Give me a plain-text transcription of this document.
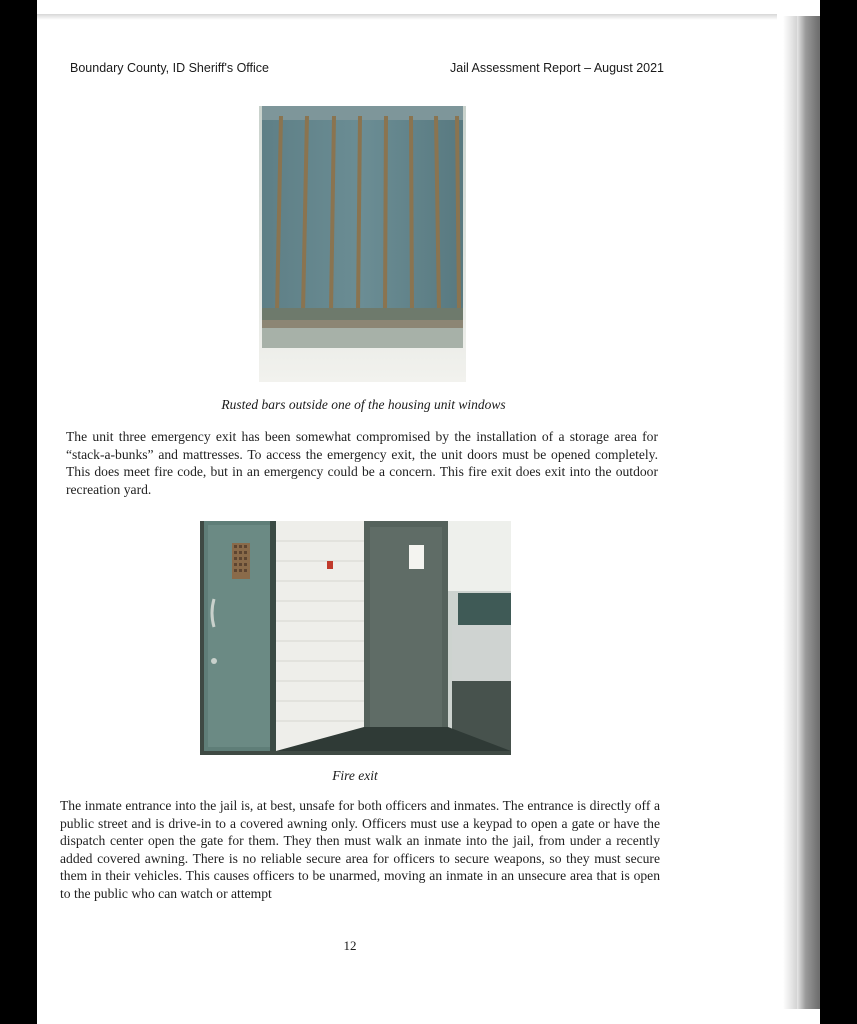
Boundary County, ID Sheriff's Office	Jail Assessment Report – August 2021
Rusted bars outside one of the housing unit windows
The unit three emergency exit has been somewhat compromised by the installation of a storage area for “stack-a-bunks” and mattresses. To access the emergency exit, the unit doors must be opened completely. This does meet fire code, but in an emergency could be a concern. This fire exit does exit into the outdoor recreation yard.
Fire exit
The inmate entrance into the jail is, at best, unsafe for both officers and inmates. The entrance is directly off a public street and is drive-in to a covered awning only. Officers must use a keypad to open a gate or have the dispatch center open the gate for them. They then must walk an inmate into the jail, from under a recently added covered awning. There is no reliable secure area for officers to secure weapons, so they must secure them in their vehicles. This causes officers to be unarmed, moving an inmate in an unsecure area that is open to the public who can watch or attempt
12
